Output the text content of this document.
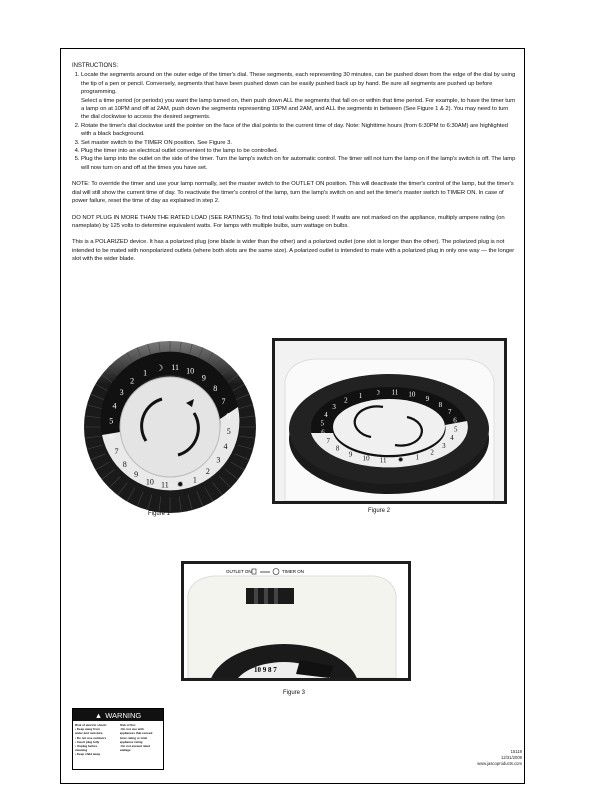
INSTRUCTIONS:
1. Locate the segments around on the outer edge of the timer's dial. These segments, each representing 30 minutes, can be pushed down from the edge of the dial by using the tip of a pen or pencil. Conversely, segments that have been pushed down can be easily pushed back up by hand. Be sure all segments are pushed up before programming.
Select a time period (or periods) you want the lamp turned on, then push down ALL the segments that fall on or within that time period. For example, to have the timer turn a lamp on at 10PM and off at 2AM, push down the segments representing 10PM and 2AM, and ALL the segments in between (See Figure 1 & 2). You may need to turn the dial clockwise to access the desired segments.
2. Rotate the timer's dial clockwise until the pointer on the face of the dial points to the current time of day. Note: Nighttime hours (from 6:30PM to 6:30AM) are highlighted with a black background.
3. Set master switch to the TIMER ON position. See Figure 3.
4. Plug the timer into an electrical outlet convenient to the lamp to be controlled.
5. Plug the lamp into the outlet on the side of the timer. Turn the lamp's switch on for automatic control. The timer will not turn the lamp on if the lamp's switch is off. The lamp will now turn on and off at the times you have set.

NOTE: To override the timer and use your lamp normally, set the master switch to the OUTLET ON position. This will deactivate the timer's control of the lamp, but the timer's dial will still show the current time of day. To reactivate the timer's control of the lamp, turn the lamp's switch on and set the timer's master switch to TIMER ON. In case of power failure, reset the time of day as explained in step 2.

DO NOT PLUG IN MORE THAN THE RATED LOAD (SEE RATINGS). To find total watts being used: If watts are not marked on the appliance, multiply ampere rating (on nameplate) by 125 volts to determine equivalent watts. For lamps with multiple bulbs, sum wattage on bulbs.

This is a POLARIZED device. It has a polarized plug (one blade is wider than the other) and a polarized outlet (one slot is longer than the other). The polarized plug is not intended to be mated with nonpolarized outlets (where both slots are the same size). A polarized outlet is intended to mate with a polarized plug in only one way — the longer slot with the wider blade.

6
5
4
3
2
1
☽ 11 10
9
8
7
6
5
4
3
2
1
✹
11
10
9
8
7
Figure 1
6
5
4
3
2
1 ☽ 11 10
9
8
7
6
5
4
3
2
1
✹
11
10
9
8
7
Figure 2
OUTLET ON	TIMER ON
10 9 8 7
Figure 3
▲ WARNING
Risk of electric shock:
• Keep away from
water and moisture
• Do not use outdoors
• Insert plug fully
• Unplug before
cleaning
• Keep child away
Risk of fire:
• Do not use with
appliances that exceed
timer rating or total
appliance rating
• Do not exceed rated
wattage	15119
12/31/2009
www.jascoproducts.com
